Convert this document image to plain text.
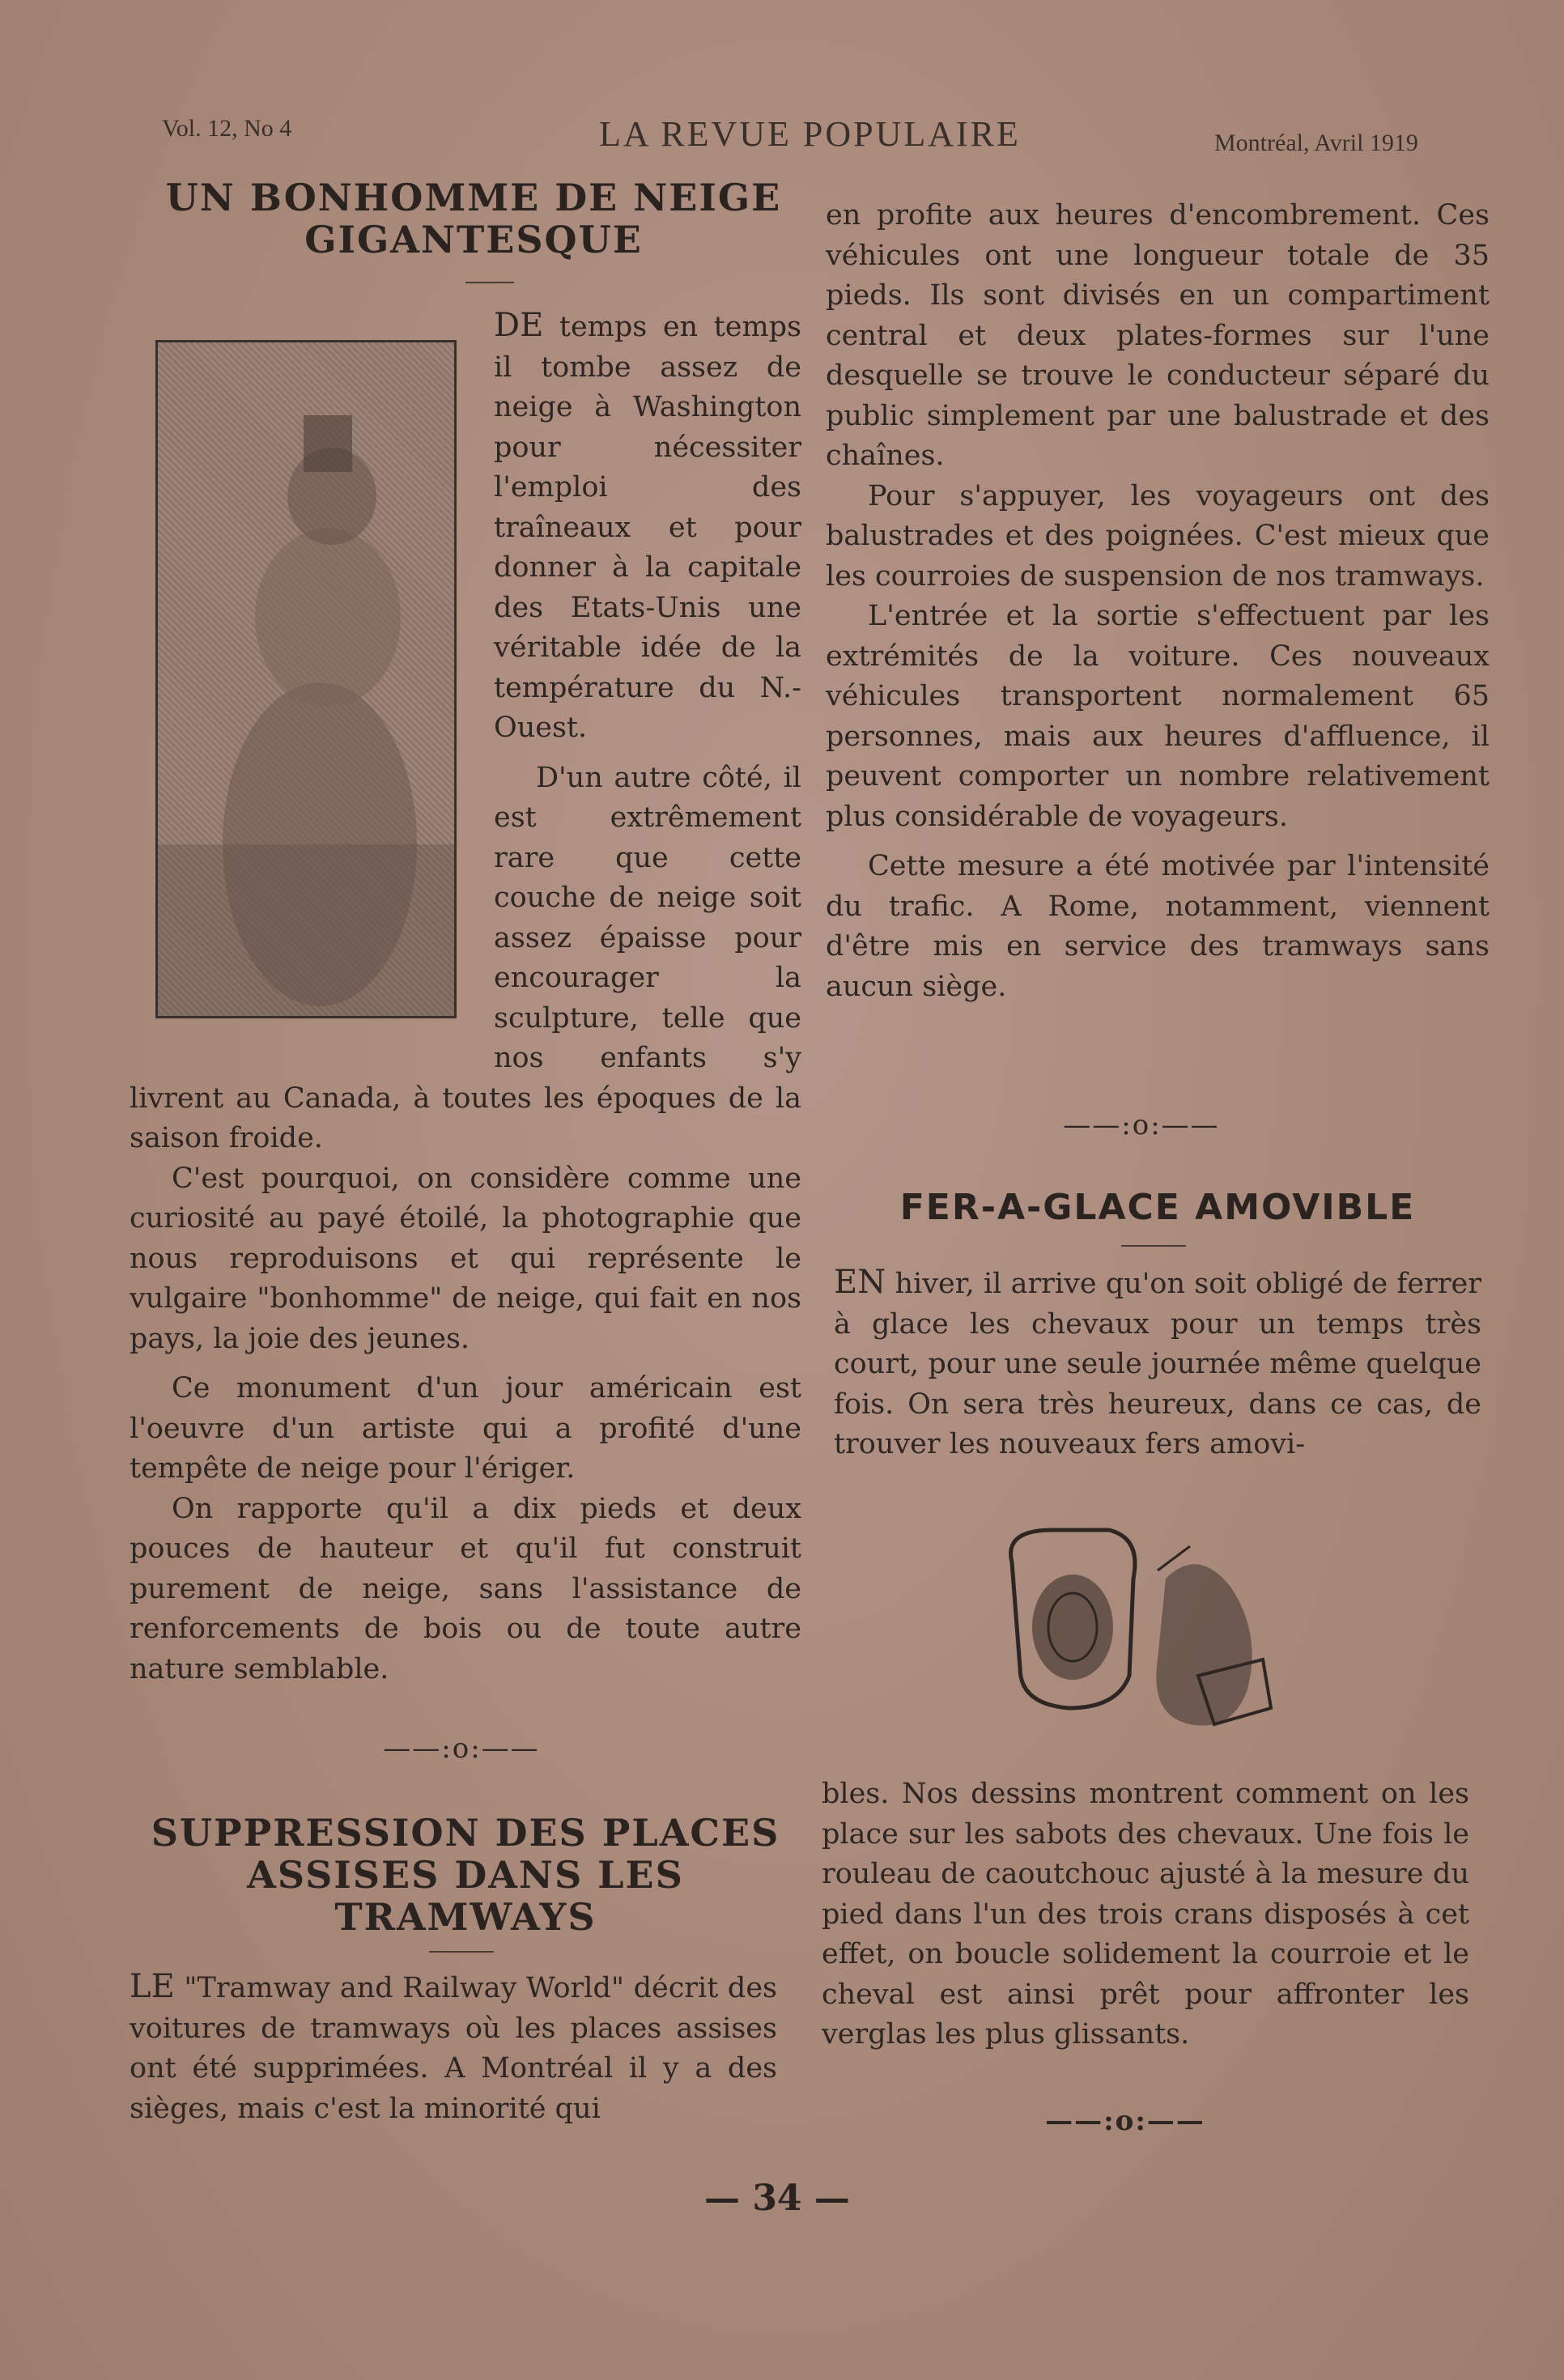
Vol. 12, No 4	LA REVUE POPULAIRE	Montréal, Avril 1919
UN BONHOMME DE NEIGE
GIGANTESQUE

DE temps en temps il tombe assez de neige à Washington pour nécessiter l'emploi des traîneaux et pour donner à la capitale des Etats-Unis une véritable idée de la température du N.-Ouest.

D'un autre côté, il est extrêmement rare que cette couche de neige soit assez épaisse pour encourager la sculpture, telle que nos enfants s'y livrent au Canada, à toutes les époques de la saison froide.

C'est pourquoi, on considère comme une curiosité au payé étoilé, la photographie que nous reproduisons et qui représente le vulgaire "bonhomme" de neige, qui fait en nos pays, la joie des jeunes.

Ce monument d'un jour américain est l'oeuvre d'un artiste qui a profité d'une tempête de neige pour l'ériger.

On rapporte qu'il a dix pieds et deux pouces de hauteur et qu'il fut construit purement de neige, sans l'assistance de renforcements de bois ou de toute autre nature semblable.

——:o:——
SUPPRESSION DES PLACES
ASSISES DANS LES
TRAMWAYS

LE "Tramway and Railway World" décrit des voitures de tramways où les places assises ont été supprimées. A Montréal il y a des sièges, mais c'est la minorité qui

en profite aux heures d'encombrement. Ces véhicules ont une longueur totale de 35 pieds. Ils sont divisés en un compartiment central et deux plates-formes sur l'une desquelle se trouve le conducteur séparé du public simplement par une balustrade et des chaînes.

Pour s'appuyer, les voyageurs ont des balustrades et des poignées. C'est mieux que les courroies de suspension de nos tramways.

L'entrée et la sortie s'effectuent par les extrémités de la voiture. Ces nouveaux véhicules transportent normalement 65 personnes, mais aux heures d'affluence, il peuvent comporter un nombre relativement plus considérable de voyageurs.

Cette mesure a été motivée par l'intensité du trafic. A Rome, notamment, viennent d'être mis en service des tramways sans aucun siège.

——:o:——
FER-A-GLACE AMOVIBLE

EN hiver, il arrive qu'on soit obligé de ferrer à glace les chevaux pour un temps très court, pour une seule journée même quelque fois. On sera très heureux, dans ce cas, de trouver les nouveaux fers amovi-

bles. Nos dessins montrent comment on les place sur les sabots des chevaux. Une fois le rouleau de caoutchouc ajusté à la mesure du pied dans l'un des trois crans disposés à cet effet, on boucle solidement la courroie et le cheval est ainsi prêt pour affronter les verglas les plus glissants.

——:o:——
— 34 —
